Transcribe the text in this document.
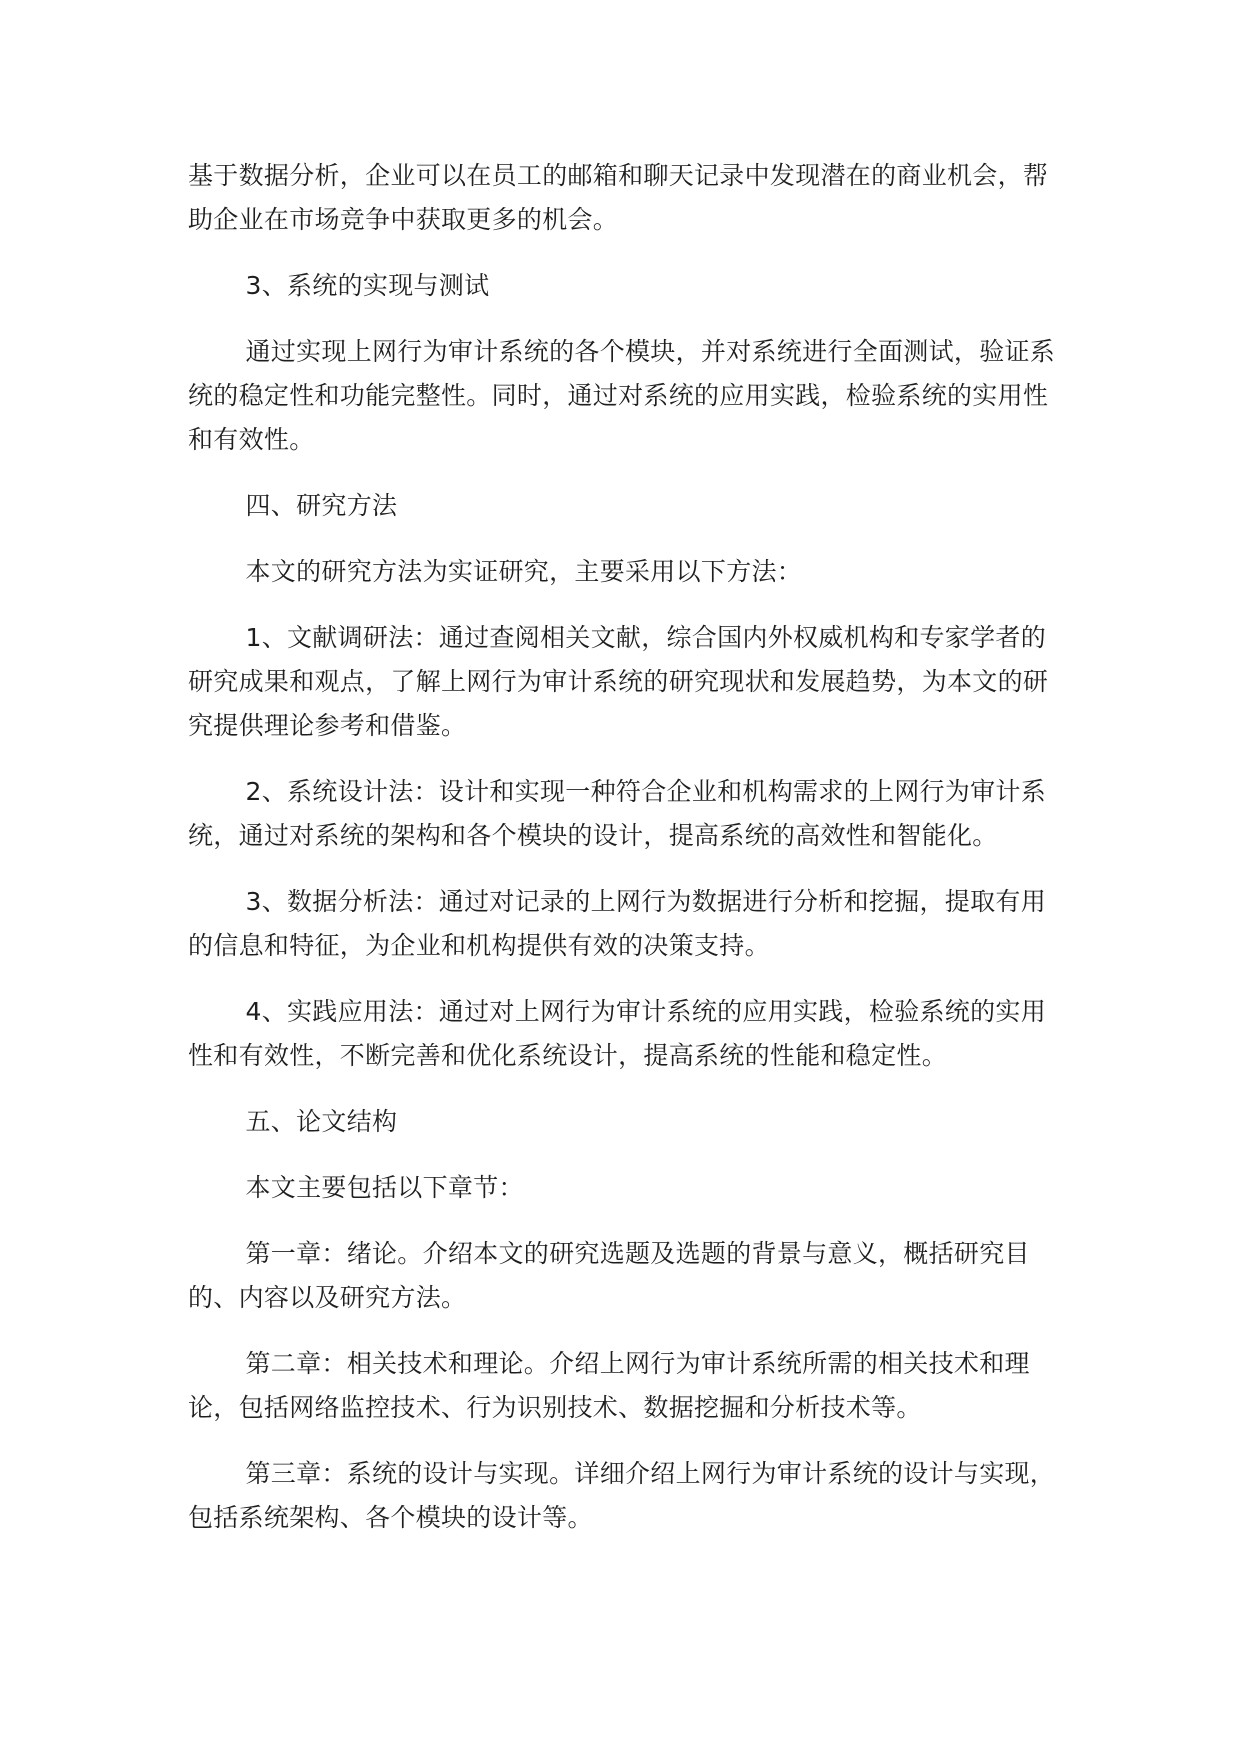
基于数据分析，企业可以在员工的邮箱和聊天记录中发现潜在的商业机会，帮助企业在市场竞争中获取更多的机会。

3、系统的实现与测试

通过实现上网行为审计系统的各个模块，并对系统进行全面测试，验证系统的稳定性和功能完整性。同时，通过对系统的应用实践，检验系统的实用性和有效性。

四、研究方法

本文的研究方法为实证研究，主要采用以下方法：

1、文献调研法：通过查阅相关文献，综合国内外权威机构和专家学者的研究成果和观点，了解上网行为审计系统的研究现状和发展趋势，为本文的研究提供理论参考和借鉴。

2、系统设计法：设计和实现一种符合企业和机构需求的上网行为审计系统，通过对系统的架构和各个模块的设计，提高系统的高效性和智能化。

3、数据分析法：通过对记录的上网行为数据进行分析和挖掘，提取有用的信息和特征，为企业和机构提供有效的决策支持。

4、实践应用法：通过对上网行为审计系统的应用实践，检验系统的实用性和有效性，不断完善和优化系统设计，提高系统的性能和稳定性。

五、论文结构

本文主要包括以下章节：

第一章：绪论。介绍本文的研究选题及选题的背景与意义，概括研究目的、内容以及研究方法。

第二章：相关技术和理论。介绍上网行为审计系统所需的相关技术和理论，包括网络监控技术、行为识别技术、数据挖掘和分析技术等。

第三章：系统的设计与实现。详细介绍上网行为审计系统的设计与实现，包括系统架构、各个模块的设计等。
